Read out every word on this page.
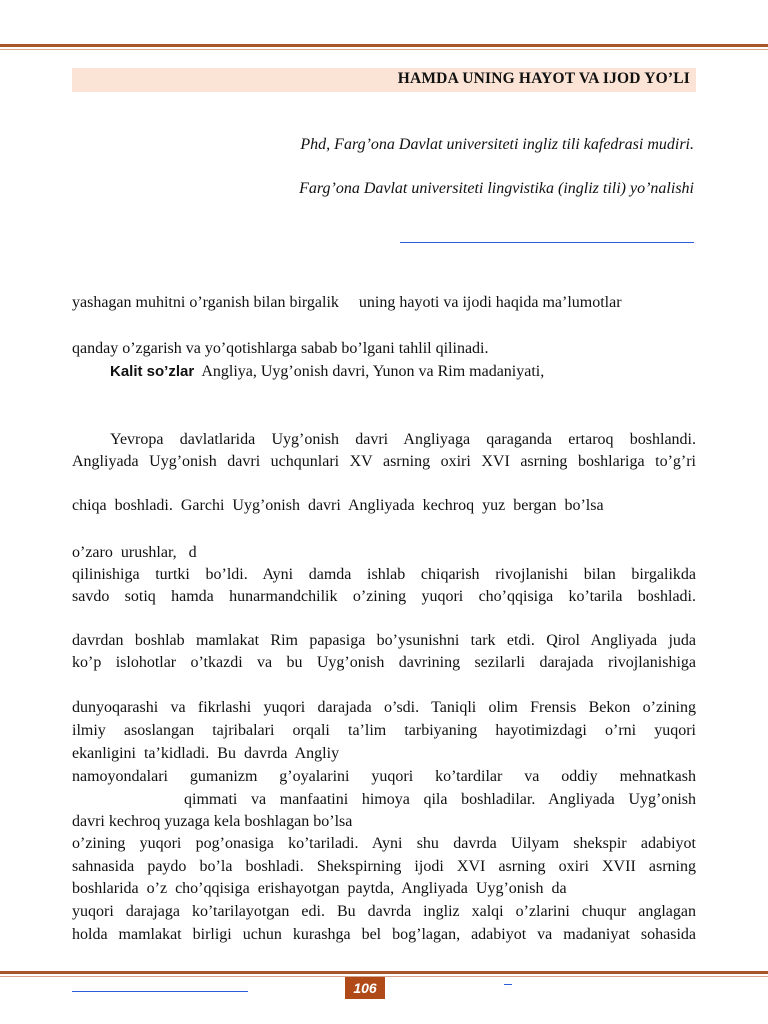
HAMDA UNING HAYOT VA IJOD YO’LI
Phd, Farg’ona Davlat universiteti ingliz tili kafedrasi mudiri.
Farg’ona Davlat universiteti lingvistika (ingliz tili) yo’nalishi
yashagan muhitni o’rganish bilan birgalik     uning hayoti va ijodi haqida ma’lumotlar
qanday o’zgarish va yo’qotishlarga sabab bo’lgani tahlil qilinadi.
Kalit so’zlar  Angliya, Uyg’onish davri, Yunon va Rim madaniyati,
Yevropa davlatlarida Uyg’onish davri Angliyaga qaraganda ertaroq boshlandi.
Angliyada Uyg’onish davri uchqunlari XV asrning oxiri XVI asrning boshlariga to’g’ri
chiqa  boshladi.  Garchi  Uyg’onish  davri  Angliyada  kechroq  yuz  bergan  bo’lsa
o’zaro  urushlar,   d
qilinishiga turtki bo’ldi. Ayni damda ishlab chiqarish rivojlanishi bilan birgalikda
savdo sotiq hamda hunarmandchilik o’zining yuqori cho’qqisiga ko’tarila boshladi.
davrdan boshlab mamlakat Rim papasiga bo’ysunishni tark etdi. Qirol Angliyada juda
ko’p islohotlar o’tkazdi va bu Uyg’onish davrining sezilarli darajada rivojlanishiga
dunyoqarashi va fikrlashi yuqori darajada o’sdi. Taniqli olim Frensis Bekon o’zining
ilmiy asoslangan tajribalari orqali ta’lim tarbiyaning hayotimizdagi o’rni yuqori
ekanligini  ta’kidladi.  Bu  davrda  Angliy
namoyondalari gumanizm g’oyalarini yuqori ko’tardilar va oddiy mehnatkash
qimmati va manfaatini himoya qila boshladilar. Angliyada Uyg’onish
davri kechroq yuzaga kela boshlagan bo’lsa
o’zining yuqori pog’onasiga ko’tariladi. Ayni shu davrda Uilyam shekspir adabiyot
sahnasida paydo bo’la boshladi. Shekspirning ijodi XVI asrning oxiri XVII asrning
boshlarida  o’z  cho’qqisiga  erishayotgan  paytda,  Angliyada  Uyg’onish  da
yuqori darajaga ko’tarilayotgan edi. Bu davrda ingliz xalqi o’zlarini chuqur anglagan
holda mamlakat birligi uchun kurashga bel bog’lagan, adabiyot va madaniyat sohasida
106
